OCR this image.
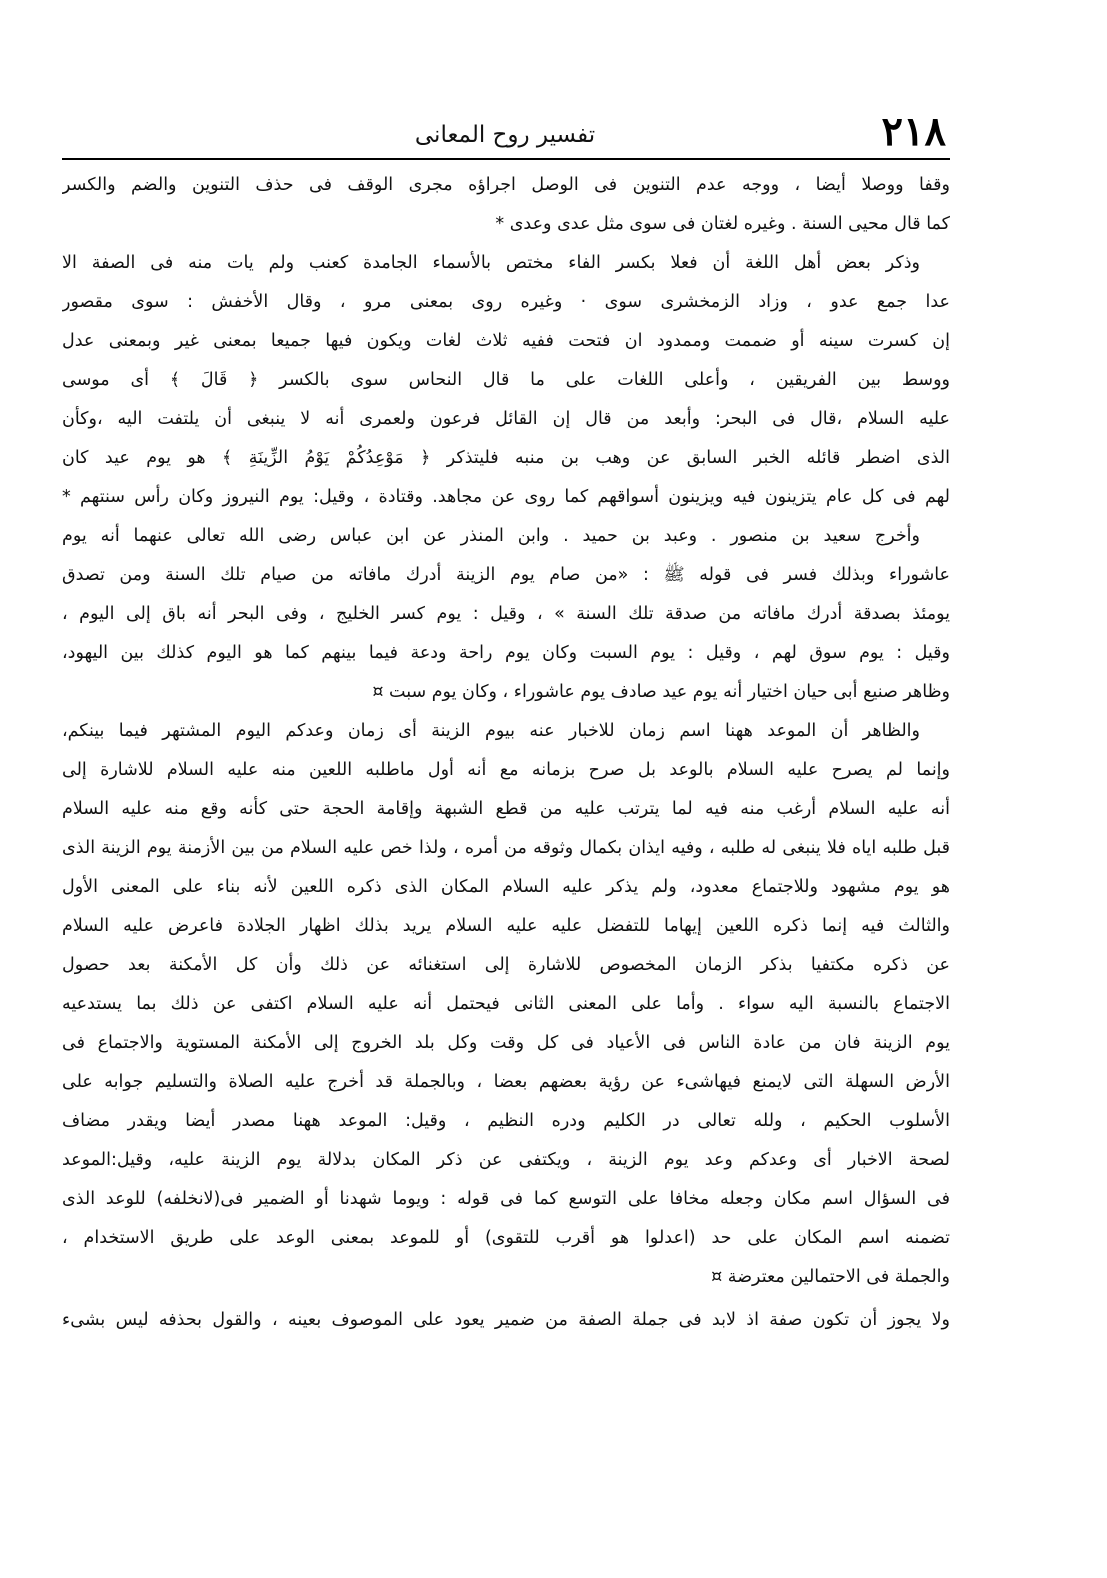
٢١٨
تفسير روح المعانى
وقفا ووصلا أيضا ، ووجه عدم التنوين فى الوصل اجراؤه مجرى الوقف فى حذف التنوين والضم والكسر
كما قال محيى السنة . وغيره لغتان فى سوى مثل عدى وعدى *
وذكر بعض أهل اللغة أن فعلا بكسر الفاء مختص بالأسماء الجامدة كعنب ولم يات منه فى الصفة الا
عدا جمع عدو ، وزاد الزمخشرى سوى · وغيره روى بمعنى مرو ، وقال الأخفش : سوى مقصور
إن كسرت سينه أو ضممت وممدود ان فتحت ففيه ثلاث لغات ويكون فيها جميعا بمعنى غير وبمعنى عدل
ووسط بين الفريقين ، وأعلى اللغات على ما قال النحاس سوى بالكسر ﴿ قَالَ ﴾ أى موسى
عليه السلام ،قال فى البحر: وأبعد من قال إن القائل فرعون ولعمرى أنه لا ينبغى أن يلتفت اليه ،وكأن
الذى اضطر قائله الخبر السابق عن وهب بن منبه فليتذكر ﴿ مَوْعِدُكُمْ يَوْمُ الزِّينَةِ ﴾ هو يوم عيد كان
لهم فى كل عام يتزينون فيه ويزينون أسواقهم كما روى عن مجاهد. وقتادة ، وقيل: يوم النيروز وكان رأس سنتهم *
وأخرج سعيد بن منصور . وعبد بن حميد . وابن المنذر عن ابن عباس رضى الله تعالى عنهما أنه يوم
عاشوراء وبذلك فسر فى قوله ﷺ : «من صام يوم الزينة أدرك مافاته من صيام تلك السنة ومن تصدق
يومئذ بصدقة أدرك مافاته من صدقة تلك السنة » ، وقيل : يوم كسر الخليج ، وفى البحر أنه باق إلى اليوم ،
وقيل : يوم سوق لهم ، وقيل : يوم السبت وكان يوم راحة ودعة فيما بينهم كما هو اليوم كذلك بين اليهود،
وظاهر صنيع أبى حيان اختيار أنه يوم عيد صادف يوم عاشوراء ، وكان يوم سبت ¤
والظاهر أن الموعد ههنا اسم زمان للاخبار عنه بيوم الزينة أى زمان وعدكم اليوم المشتهر فيما بينكم،
وإنما لم يصرح عليه السلام بالوعد بل صرح بزمانه مع أنه أول ماطلبه اللعين منه عليه السلام للاشارة إلى
أنه عليه السلام أرغب منه فيه لما يترتب عليه من قطع الشبهة وإقامة الحجة حتى كأنه وقع منه عليه السلام
قبل طلبه اياه فلا ينبغى له طلبه ، وفيه ايذان بكمال وثوقه من أمره ، ولذا خص عليه السلام من بين الأزمنة يوم الزينة الذى
هو يوم مشهود وللاجتماع معدود، ولم يذكر عليه السلام المكان الذى ذكره اللعين لأنه بناء على المعنى الأول
والثالث فيه إنما ذكره اللعين إيهاما للتفضل عليه عليه السلام يريد بذلك اظهار الجلادة فاعرض عليه السلام
عن ذكره مكتفيا بذكر الزمان المخصوص للاشارة إلى استغنائه عن ذلك وأن كل الأمكنة بعد حصول
الاجتماع بالنسبة اليه سواء . وأما على المعنى الثانى فيحتمل أنه عليه السلام اكتفى عن ذلك بما يستدعيه
يوم الزينة فان من عادة الناس فى الأعياد فى كل وقت وكل بلد الخروج إلى الأمكنة المستوية والاجتماع فى
الأرض السهلة التى لايمنع فيهاشىء عن رؤية بعضهم بعضا ، وبالجملة قد أخرج عليه الصلاة والتسليم جوابه على
الأسلوب الحكيم ، ولله تعالى در الكليم ودره النظيم ، وقيل: الموعد ههنا مصدر أيضا ويقدر مضاف
لصحة الاخبار أى وعدكم وعد يوم الزينة ، ويكتفى عن ذكر المكان بدلالة يوم الزينة عليه، وقيل:الموعد
فى السؤال اسم مكان وجعله مخافا على التوسع كما فى قوله : ويوما شهدنا أو الضمير فى(لانخلفه) للوعد الذى
تضمنه اسم المكان على حد (اعدلوا هو أقرب للتقوى) أو للموعد بمعنى الوعد على طريق الاستخدام ،
والجملة فى الاحتمالين معترضة ¤
ولا يجوز أن تكون صفة اذ لابد فى جملة الصفة من ضمير يعود على الموصوف بعينه ، والقول بحذفه ليس بشىء
